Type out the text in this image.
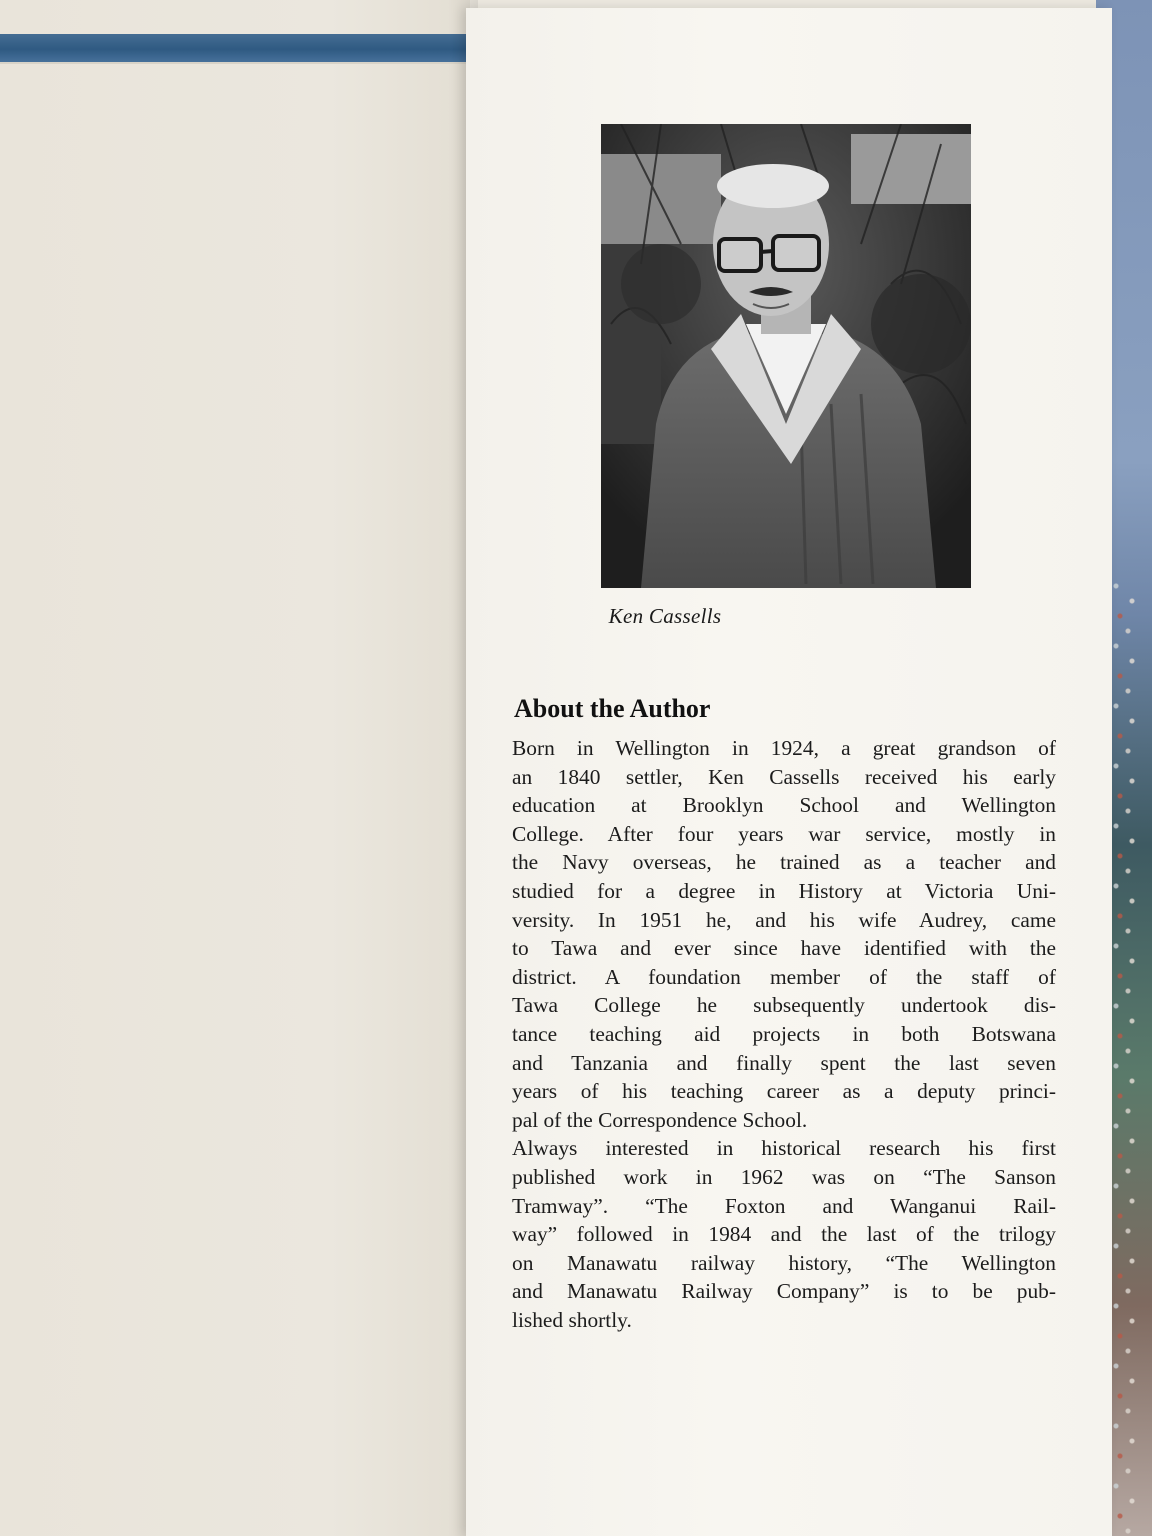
Ken Cassells
About the Author
Born in Wellington in 1924, a great grandson of
an 1840 settler, Ken Cassells received his early
education at Brooklyn School and Wellington
College. After four years war service, mostly in
the Navy overseas, he trained as a teacher and
studied for a degree in History at Victoria Uni-
versity. In 1951 he, and his wife Audrey, came
to Tawa and ever since have identified with the
district. A foundation member of the staff of
Tawa College he subsequently undertook dis-
tance teaching aid projects in both Botswana
and Tanzania and finally spent the last seven
years of his teaching career as a deputy princi-
pal of the Correspondence School.
Always interested in historical research his first
published work in 1962 was on “The Sanson
Tramway”. “The Foxton and Wanganui Rail-
way” followed in 1984 and the last of the trilogy
on Manawatu railway history, “The Wellington
and Manawatu Railway Company” is to be pub-
lished shortly.
